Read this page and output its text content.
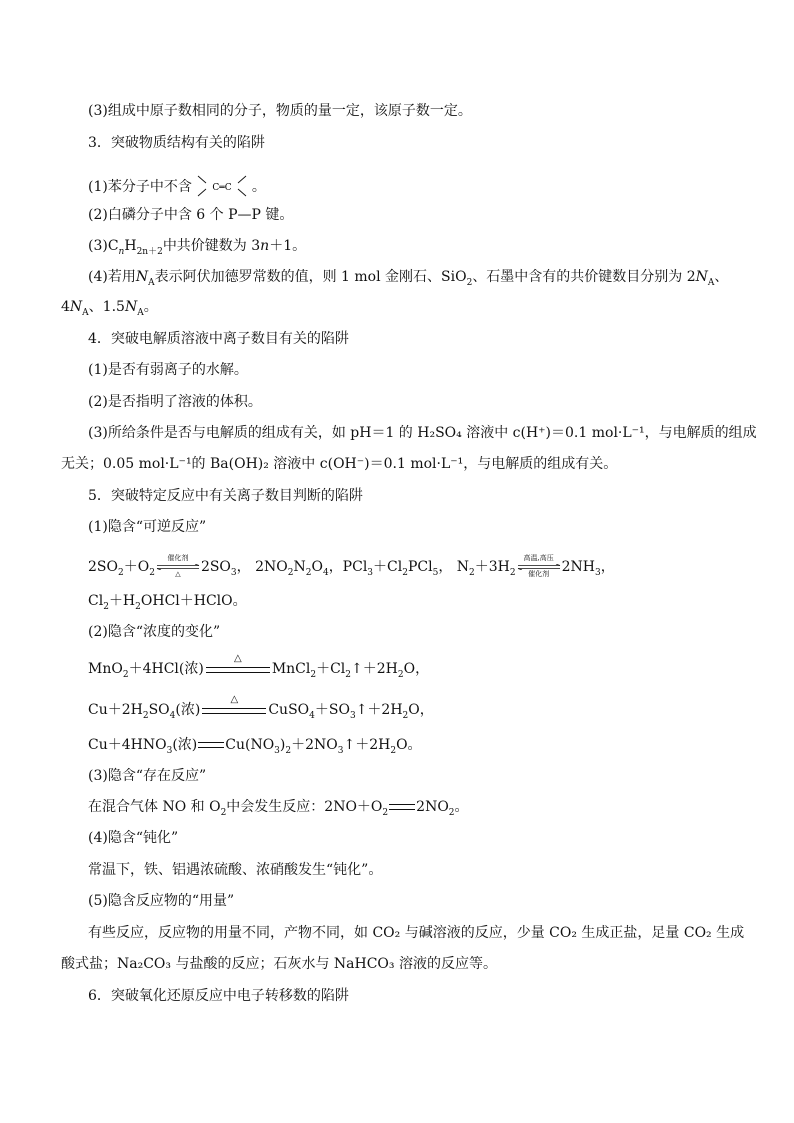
(3)组成中原子数相同的分子，物质的量一定，该原子数一定。
3．突破物质结构有关的陷阱
(1)苯分子中不含 C═C 。
(2)白磷分子中含 6 个 P—P 键。
$(3)C_nH_{2n+2}$中共价键数为 3n＋1。
(4)若用$N_A$表示阿伏加德罗常数的值，则 1 mol 金刚石、SiO$_2$、石墨中含有的共价键数目分别为 $2N_A$、
$4N_A$、$1.5N_A$。
4．突破电解质溶液中离子数目有关的陷阱
(1)是否有弱离子的水解。
(2)是否指明了溶液的体积。
(3)所给条件是否与电解质的组成有关，如 pH＝1 的 H₂SO₄ 溶液中 c(H⁺)＝0.1 mol·L⁻¹，与电解质的组成
无关；0.05 mol·L⁻¹的 Ba(OH)₂ 溶液中 c(OH⁻)＝0.1 mol·L⁻¹，与电解质的组成有关。
5．突破特定反应中有关离子数目判断的陷阱
(1)隐含“可逆反应”
$2SO_2+O_2$
催化剂
△	$2SO_3$， $2NO_2N_2O_4$，$PCl_3+Cl_2PCl_5$， $N_2+3H_2$
高温,高压
催化剂 $2NH_3$，
$Cl_2+H_2OHCl+HClO$。
(2)隐含“浓度的变化”
MnO$_2$＋4HCl(浓)
△
$MnCl_2+Cl_2↑+2H_2O$，
$Cu+2H_2SO_4$(浓)
△
$CuSO_4+SO_3↑+2H_2O$，
$Cu+4HNO_3$(浓) $Cu(NO_3)_2+2NO_3↑+2H_2O$。
(3)隐含“存在反应”
在混合气体 NO 和 $O_2$中会发生反应：$2NO+O_2$ $2NO_2$。
(4)隐含“钝化”
常温下，铁、铝遇浓硫酸、浓硝酸发生“钝化”。
(5)隐含反应物的“用量”
有些反应，反应物的用量不同，产物不同，如 CO₂ 与碱溶液的反应，少量 CO₂ 生成正盐，足量 CO₂ 生成
酸式盐；Na₂CO₃ 与盐酸的反应；石灰水与 NaHCO₃ 溶液的反应等。
6．突破氧化还原反应中电子转移数的陷阱
